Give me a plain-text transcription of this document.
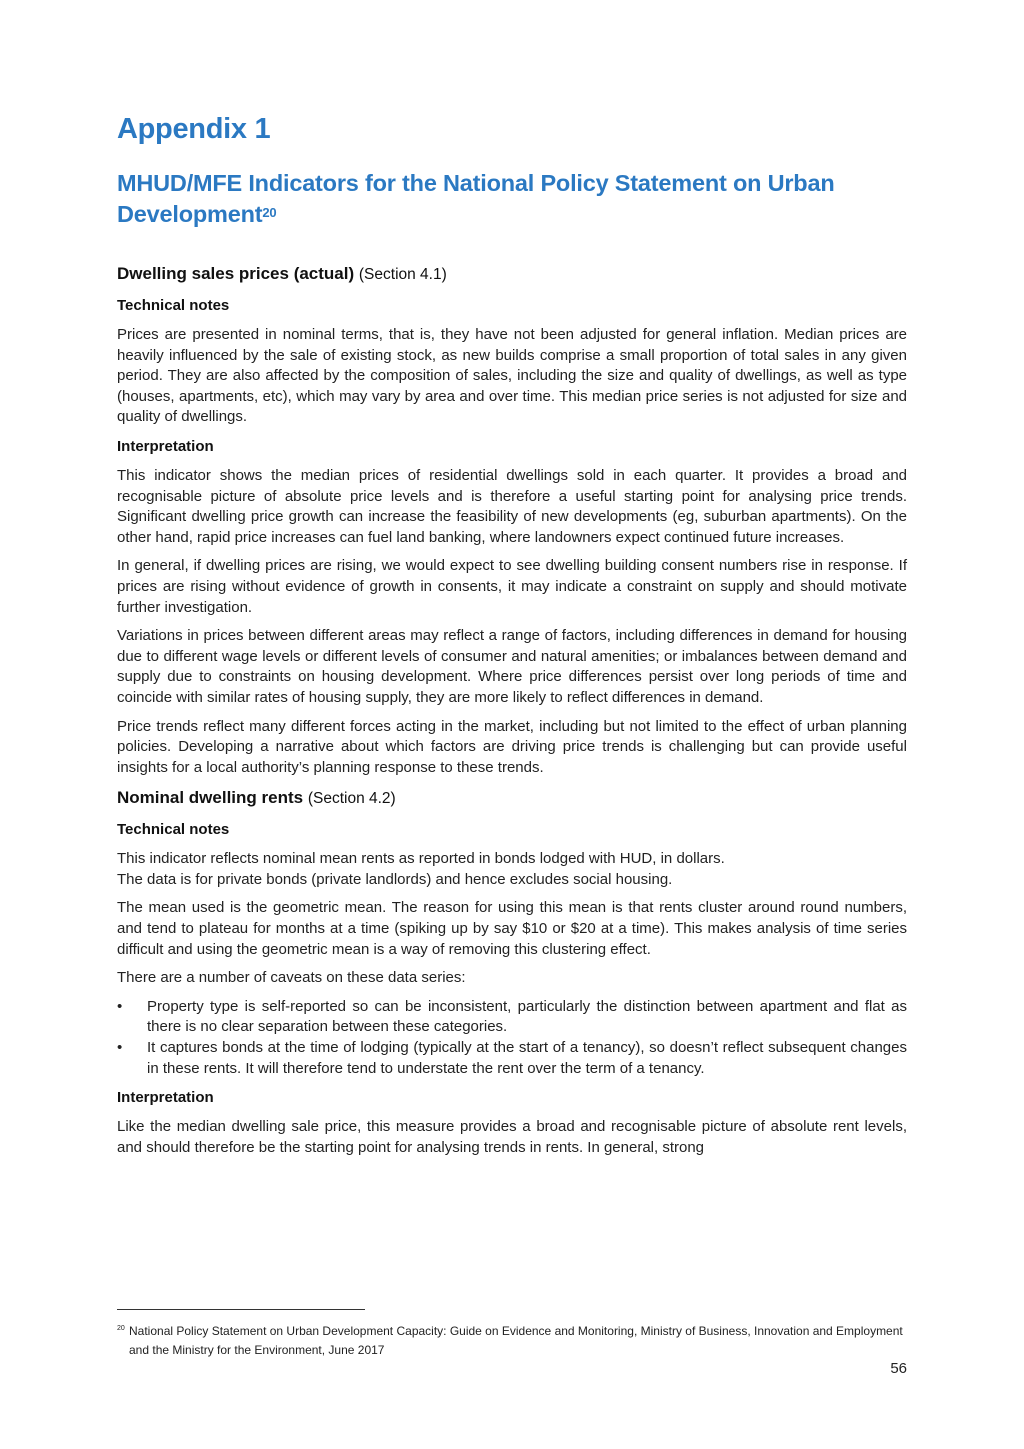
Appendix 1
MHUD/MFE Indicators for the National Policy Statement on Urban Development$^{20}$
Dwelling sales prices (actual) (Section 4.1)
Technical notes

Prices are presented in nominal terms, that is, they have not been adjusted for general inflation. Median prices are heavily influenced by the sale of existing stock, as new builds comprise a small proportion of total sales in any given period. They are also affected by the composition of sales, including the size and quality of dwellings, as well as type (houses, apartments, etc), which may vary by area and over time. This median price series is not adjusted for size and quality of dwellings.

Interpretation

This indicator shows the median prices of residential dwellings sold in each quarter. It provides a broad and recognisable picture of absolute price levels and is therefore a useful starting point for analysing price trends. Significant dwelling price growth can increase the feasibility of new developments (eg, suburban apartments). On the other hand, rapid price increases can fuel land banking, where landowners expect continued future increases.

In general, if dwelling prices are rising, we would expect to see dwelling building consent numbers rise in response. If prices are rising without evidence of growth in consents, it may indicate a constraint on supply and should motivate further investigation.

Variations in prices between different areas may reflect a range of factors, including differences in demand for housing due to different wage levels or different levels of consumer and natural amenities; or imbalances between demand and supply due to constraints on housing development. Where price differences persist over long periods of time and coincide with similar rates of housing supply, they are more likely to reflect differences in demand.

Price trends reflect many different forces acting in the market, including but not limited to the effect of urban planning policies. Developing a narrative about which factors are driving price trends is challenging but can provide useful insights for a local authority’s planning response to these trends.

Nominal dwelling rents (Section 4.2)
Technical notes

This indicator reflects nominal mean rents as reported in bonds lodged with HUD, in dollars.
The data is for private bonds (private landlords) and hence excludes social housing.

The mean used is the geometric mean. The reason for using this mean is that rents cluster around round numbers, and tend to plateau for months at a time (spiking up by say $10 or $20 at a time). This makes analysis of time series difficult and using the geometric mean is a way of removing this clustering effect.

There are a number of caveats on these data series:

• Property type is self-reported so can be inconsistent, particularly the distinction between apartment and flat as there is no clear separation between these categories.
• It captures bonds at the time of lodging (typically at the start of a tenancy), so doesn’t reflect subsequent changes in these rents. It will therefore tend to understate the rent over the term of a tenancy.
Interpretation

Like the median dwelling sale price, this measure provides a broad and recognisable picture of absolute rent levels, and should therefore be the starting point for analysing trends in rents. In general, strong

20 National Policy Statement on Urban Development Capacity: Guide on Evidence and Monitoring, Ministry of Business, Innovation and Employment and the Ministry for the Environment, June 2017
56
